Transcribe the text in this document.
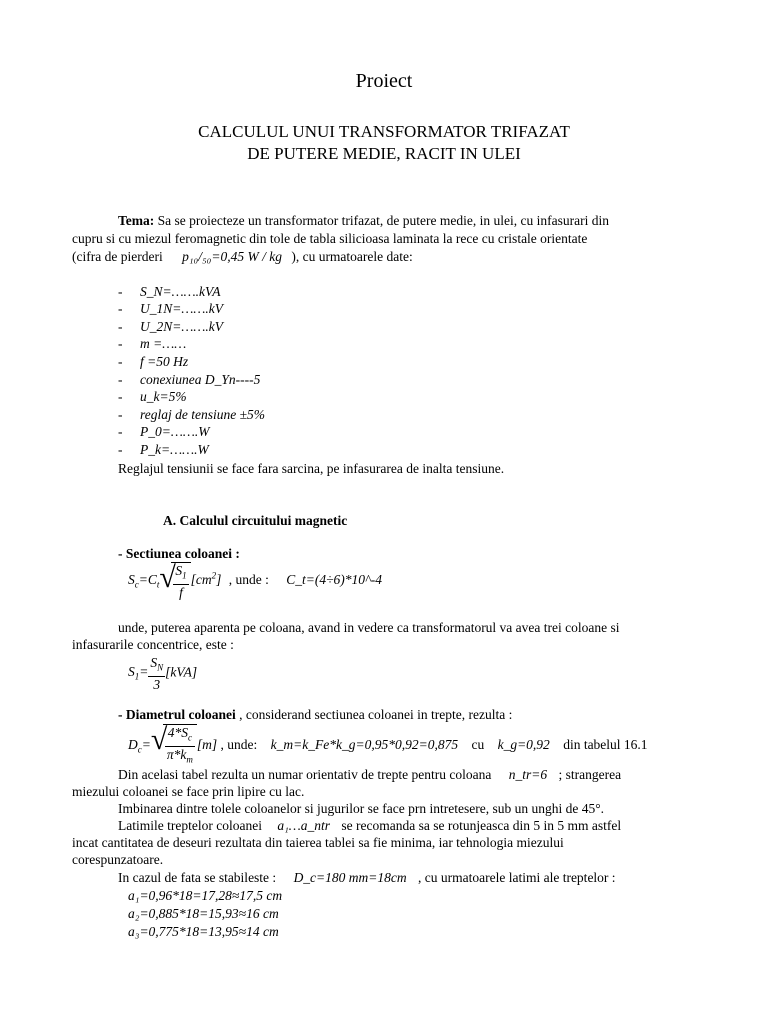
Proiect
CALCULUL UNUI TRANSFORMATOR TRIFAZAT
DE PUTERE MEDIE, RACIT IN ULEI
Tema: Sa se proiecteze un transformator trifazat, de putere medie, in ulei, cu infasurari din
cupru si cu miezul feromagnetic din tole de tabla silicioasa laminata la rece cu cristale orientate
(cifra de pierderi p₁₀/₅₀=0,45 W / kg ), cu urmatoarele date:
- S_N=…….kVA
- U_1N=…….kV
- U_2N=…….kV
- m =……
- f =50 Hz
- conexiunea D_Yn----5
- u_k=5%
- reglaj de tensiune ±5%
- P_0=…….W
- P_k=…….W
Reglajul tensiunii se face fara sarcina, pe infasurarea de inalta tensiune.
A. Calculul circuitului magnetic
- Sectiunea coloanei :
$S_c=C_t$ √
$\frac{S_1}{f} [cm^2]$ , unde : C_t=(4÷6)*10^-4
unde, puterea aparenta pe coloana, avand in vedere ca transformatorul va avea trei coloane si
infasurarile concentrice, este :
$S_1= \frac{S_N}{3} [kVA]$
- Diametrul coloanei , considerand sectiunea coloanei in trepte, rezulta :
$D_c=$ √
$\frac{4*S_c}{\pi*k_m} [m]$ , unde: k_m=k_Fe*k_g=0,95*0,92=0,875 cu k_g=0,92 din tabelul 16.1
Din acelasi tabel rezulta un numar orientativ de trepte pentru coloana n_tr=6 ; strangerea
miezului coloanei se face prin lipire cu lac.
Imbinarea dintre tolele coloanelor si jugurilor se face prn intretesere, sub un unghi de 45°.
Latimile treptelor coloanei a₁…a_ntr se recomanda sa se rotunjeasca din 5 in 5 mm astfel
incat cantitatea de deseuri rezultata din taierea tablei sa fie minima, iar tehnologia miezului
corespunzatoare.
In cazul de fata se stabileste : D_c=180 mm=18cm , cu urmatoarele latimi ale treptelor :
a₁=0,96*18=17,28≈17,5 cm
a₂=0,885*18=15,93≈16 cm
a₃=0,775*18=13,95≈14 cm
